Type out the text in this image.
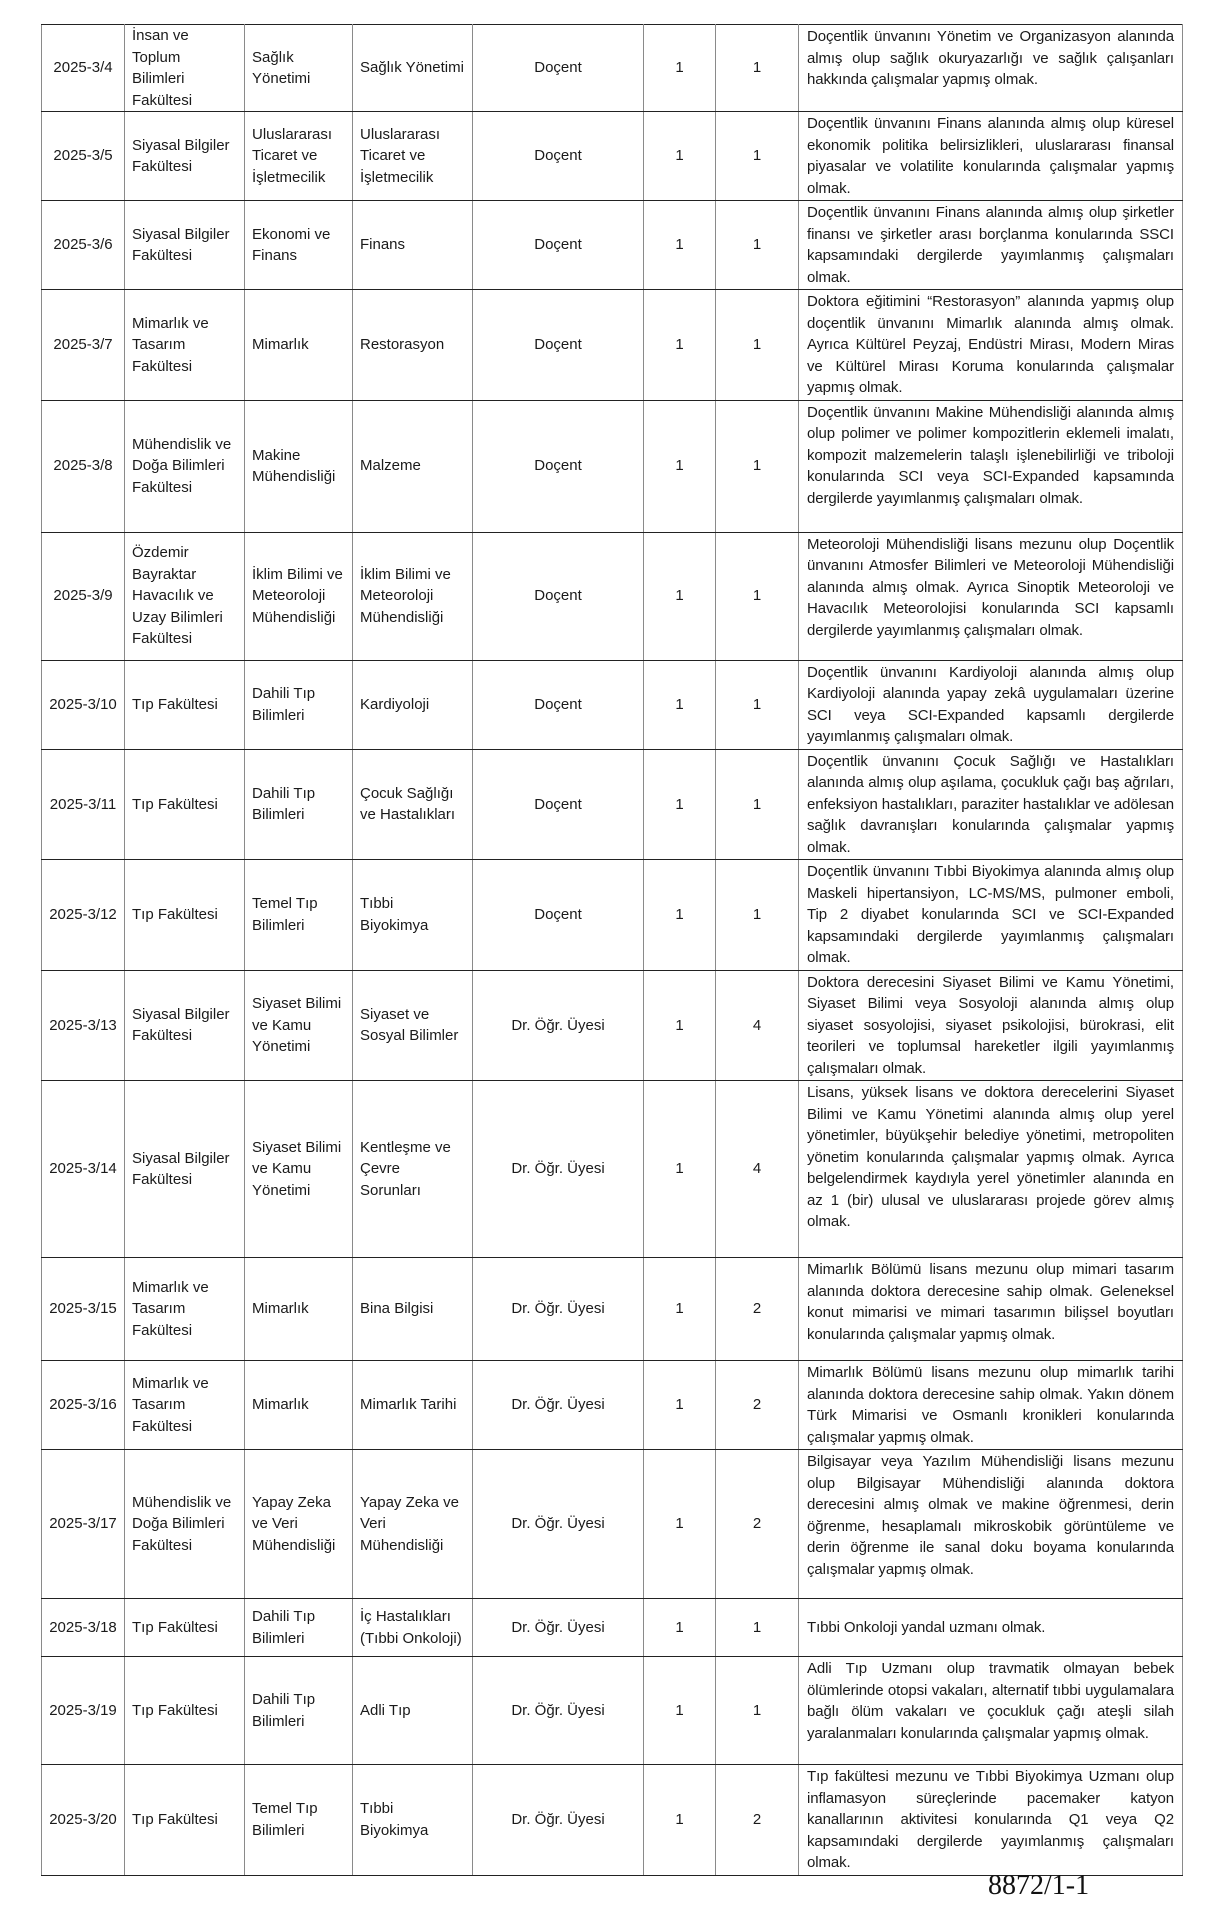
2025-3/4	İnsan ve Toplum Bilimleri Fakültesi	Sağlık Yönetimi	Sağlık Yönetimi	Doçent	1	1	Doçentlik ünvanını Yönetim ve Organizasyon alanında almış olup sağlık okuryazarlığı ve sağlık çalışanları hakkında çalışmalar yapmış olmak.
2025-3/5	Siyasal Bilgiler Fakültesi	Uluslararası Ticaret ve İşletmecilik	Uluslararası Ticaret ve İşletmecilik	Doçent	1	1	Doçentlik ünvanını Finans alanında almış olup küresel ekonomik politika belirsizlikleri, uluslararası finansal piyasalar ve volatilite konularında çalışmalar yapmış olmak.
2025-3/6	Siyasal Bilgiler Fakültesi	Ekonomi ve Finans	Finans	Doçent	1	1	Doçentlik ünvanını Finans alanında almış olup şirketler finansı ve şirketler arası borçlanma konularında SSCI kapsamındaki dergilerde yayımlanmış çalışmaları olmak.
2025-3/7	Mimarlık ve Tasarım Fakültesi	Mimarlık	Restorasyon	Doçent	1	1	Doktora eğitimini “Restorasyon” alanında yapmış olup doçentlik ünvanını Mimarlık alanında almış olmak. Ayrıca Kültürel Peyzaj, Endüstri Mirası, Modern Miras ve Kültürel Mirası Koruma konularında çalışmalar yapmış olmak.
2025-3/8	Mühendislik ve Doğa Bilimleri Fakültesi	Makine Mühendisliği	Malzeme	Doçent	1	1	Doçentlik ünvanını Makine Mühendisliği alanında almış olup polimer ve polimer kompozitlerin eklemeli imalatı, kompozit malzemelerin talaşlı işlenebilirliği ve triboloji konularında SCI veya SCI-Expanded kapsamında dergilerde yayımlanmış çalışmaları olmak.
2025-3/9	Özdemir Bayraktar Havacılık ve Uzay Bilimleri Fakültesi	İklim Bilimi ve Meteoroloji Mühendisliği	İklim Bilimi ve Meteoroloji Mühendisliği	Doçent	1	1	Meteoroloji Mühendisliği lisans mezunu olup Doçentlik ünvanını Atmosfer Bilimleri ve Meteoroloji Mühendisliği alanında almış olmak. Ayrıca Sinoptik Meteoroloji ve Havacılık Meteorolojisi konularında SCI kapsamlı dergilerde yayımlanmış çalışmaları olmak.
2025-3/10	Tıp Fakültesi	Dahili Tıp Bilimleri	Kardiyoloji	Doçent	1	1	Doçentlik ünvanını Kardiyoloji alanında almış olup Kardiyoloji alanında yapay zekâ uygulamaları üzerine SCI veya SCI-Expanded kapsamlı dergilerde yayımlanmış çalışmaları olmak.
2025-3/11	Tıp Fakültesi	Dahili Tıp Bilimleri	Çocuk Sağlığı ve Hastalıkları	Doçent	1	1	Doçentlik ünvanını Çocuk Sağlığı ve Hastalıkları alanında almış olup aşılama, çocukluk çağı baş ağrıları, enfeksiyon hastalıkları, paraziter hastalıklar ve adölesan sağlık davranışları konularında çalışmalar yapmış olmak.
2025-3/12	Tıp Fakültesi	Temel Tıp Bilimleri	Tıbbi Biyokimya	Doçent	1	1	Doçentlik ünvanını Tıbbi Biyokimya alanında almış olup Maskeli hipertansiyon, LC-MS/MS, pulmoner emboli, Tip 2 diyabet konularında SCI ve SCI-Expanded kapsamındaki dergilerde yayımlanmış çalışmaları olmak.
2025-3/13	Siyasal Bilgiler Fakültesi	Siyaset Bilimi ve Kamu Yönetimi	Siyaset ve Sosyal Bilimler	Dr. Öğr. Üyesi	1	4	Doktora derecesini Siyaset Bilimi ve Kamu Yönetimi, Siyaset Bilimi veya Sosyoloji alanında almış olup siyaset sosyolojisi, siyaset psikolojisi, bürokrasi, elit teorileri ve toplumsal hareketler ilgili yayımlanmış çalışmaları olmak.
2025-3/14	Siyasal Bilgiler Fakültesi	Siyaset Bilimi ve Kamu Yönetimi	Kentleşme ve Çevre Sorunları	Dr. Öğr. Üyesi	1	4	Lisans, yüksek lisans ve doktora derecelerini Siyaset Bilimi ve Kamu Yönetimi alanında almış olup yerel yönetimler, büyükşehir belediye yönetimi, metropoliten yönetim konularında çalışmalar yapmış olmak. Ayrıca belgelendirmek kaydıyla yerel yönetimler alanında en az 1 (bir) ulusal ve uluslararası projede görev almış olmak.
2025-3/15	Mimarlık ve Tasarım Fakültesi	Mimarlık	Bina Bilgisi	Dr. Öğr. Üyesi	1	2	Mimarlık Bölümü lisans mezunu olup mimari tasarım alanında doktora derecesine sahip olmak. Geleneksel konut mimarisi ve mimari tasarımın bilişsel boyutları konularında çalışmalar yapmış olmak.
2025-3/16	Mimarlık ve Tasarım Fakültesi	Mimarlık	Mimarlık Tarihi	Dr. Öğr. Üyesi	1	2	Mimarlık Bölümü lisans mezunu olup mimarlık tarihi alanında doktora derecesine sahip olmak. Yakın dönem Türk Mimarisi ve Osmanlı kronikleri konularında çalışmalar yapmış olmak.
2025-3/17	Mühendislik ve Doğa Bilimleri Fakültesi	Yapay Zeka ve Veri Mühendisliği	Yapay Zeka ve Veri Mühendisliği	Dr. Öğr. Üyesi	1	2	Bilgisayar veya Yazılım Mühendisliği lisans mezunu olup Bilgisayar Mühendisliği alanında doktora derecesini almış olmak ve makine öğrenmesi, derin öğrenme, hesaplamalı mikroskobik görüntüleme ve derin öğrenme ile sanal doku boyama konularında çalışmalar yapmış olmak.
2025-3/18	Tıp Fakültesi	Dahili Tıp Bilimleri	İç Hastalıkları (Tıbbi Onkoloji)	Dr. Öğr. Üyesi	1	1	Tıbbi Onkoloji yandal uzmanı olmak.
2025-3/19	Tıp Fakültesi	Dahili Tıp Bilimleri	Adli Tıp	Dr. Öğr. Üyesi	1	1	Adli Tıp Uzmanı olup travmatik olmayan bebek ölümlerinde otopsi vakaları, alternatif tıbbi uygulamalara bağlı ölüm vakaları ve çocukluk çağı ateşli silah yaralanmaları konularında çalışmalar yapmış olmak.
2025-3/20	Tıp Fakültesi	Temel Tıp Bilimleri	Tıbbi Biyokimya	Dr. Öğr. Üyesi	1	2	Tıp fakültesi mezunu ve Tıbbi Biyokimya Uzmanı olup inflamasyon süreçlerinde pacemaker katyon kanallarının aktivitesi konularında Q1 veya Q2 kapsamındaki dergilerde yayımlanmış çalışmaları olmak.
8872/1-1
